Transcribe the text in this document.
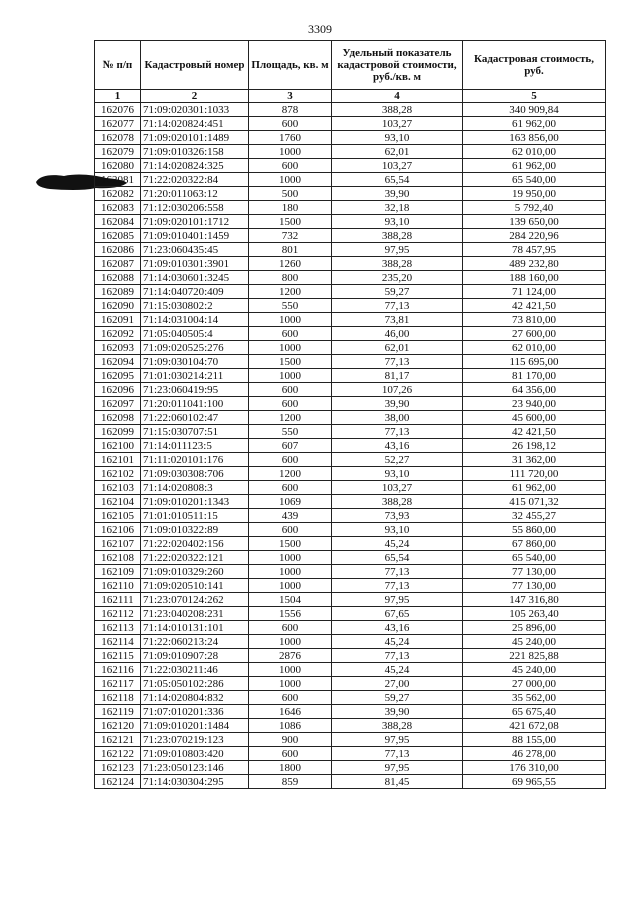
3309
№ п/п	Кадастровый номер	Площадь, кв. м	Удельный показатель кадастровой стоимости, руб./кв. м	Кадастровая стоимость, руб.
1	2	3	4	5
162076	71:09:020301:1033	878	388,28	340 909,84
162077	71:14:020824:451	600	103,27	61 962,00
162078	71:09:020101:1489	1760	93,10	163 856,00
162079	71:09:010326:158	1000	62,01	62 010,00
162080	71:14:020824:325	600	103,27	61 962,00
162081	71:22:020322:84	1000	65,54	65 540,00
162082	71:20:011063:12	500	39,90	19 950,00
162083	71:12:030206:558	180	32,18	5 792,40
162084	71:09:020101:1712	1500	93,10	139 650,00
162085	71:09:010401:1459	732	388,28	284 220,96
162086	71:23:060435:45	801	97,95	78 457,95
162087	71:09:010301:3901	1260	388,28	489 232,80
162088	71:14:030601:3245	800	235,20	188 160,00
162089	71:14:040720:409	1200	59,27	71 124,00
162090	71:15:030802:2	550	77,13	42 421,50
162091	71:14:031004:14	1000	73,81	73 810,00
162092	71:05:040505:4	600	46,00	27 600,00
162093	71:09:020525:276	1000	62,01	62 010,00
162094	71:09:030104:70	1500	77,13	115 695,00
162095	71:01:030214:211	1000	81,17	81 170,00
162096	71:23:060419:95	600	107,26	64 356,00
162097	71:20:011041:100	600	39,90	23 940,00
162098	71:22:060102:47	1200	38,00	45 600,00
162099	71:15:030707:51	550	77,13	42 421,50
162100	71:14:011123:5	607	43,16	26 198,12
162101	71:11:020101:176	600	52,27	31 362,00
162102	71:09:030308:706	1200	93,10	111 720,00
162103	71:14:020808:3	600	103,27	61 962,00
162104	71:09:010201:1343	1069	388,28	415 071,32
162105	71:01:010511:15	439	73,93	32 455,27
162106	71:09:010322:89	600	93,10	55 860,00
162107	71:22:020402:156	1500	45,24	67 860,00
162108	71:22:020322:121	1000	65,54	65 540,00
162109	71:09:010329:260	1000	77,13	77 130,00
162110	71:09:020510:141	1000	77,13	77 130,00
162111	71:23:070124:262	1504	97,95	147 316,80
162112	71:23:040208:231	1556	67,65	105 263,40
162113	71:14:010131:101	600	43,16	25 896,00
162114	71:22:060213:24	1000	45,24	45 240,00
162115	71:09:010907:28	2876	77,13	221 825,88
162116	71:22:030211:46	1000	45,24	45 240,00
162117	71:05:050102:286	1000	27,00	27 000,00
162118	71:14:020804:832	600	59,27	35 562,00
162119	71:07:010201:336	1646	39,90	65 675,40
162120	71:09:010201:1484	1086	388,28	421 672,08
162121	71:23:070219:123	900	97,95	88 155,00
162122	71:09:010803:420	600	77,13	46 278,00
162123	71:23:050123:146	1800	97,95	176 310,00
162124	71:14:030304:295	859	81,45	69 965,55
